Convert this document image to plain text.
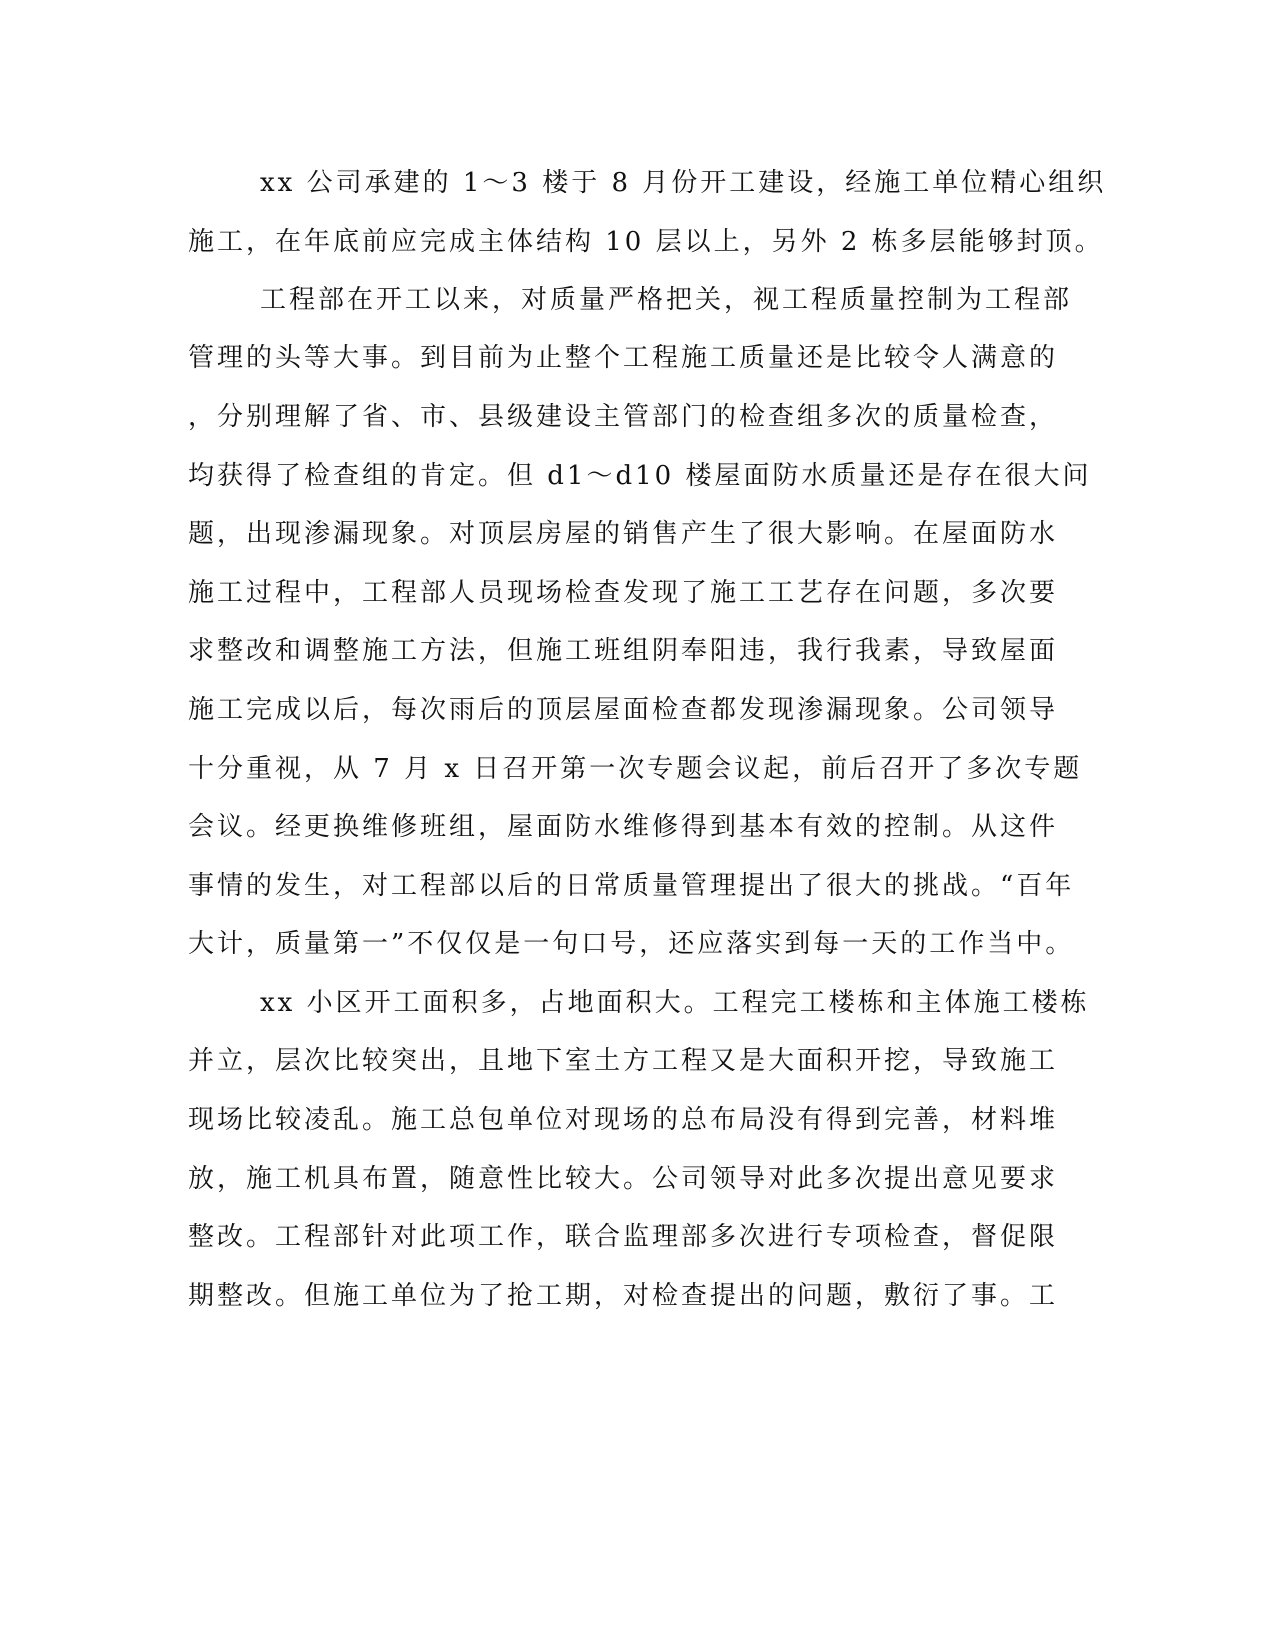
xx 公司承建的 1～3 楼于 8 月份开工建设，经施工单位精心组织
施工，在年底前应完成主体结构 10 层以上，另外 2 栋多层能够封顶。
工程部在开工以来，对质量严格把关，视工程质量控制为工程部
管理的头等大事。到目前为止整个工程施工质量还是比较令人满意的
，分别理解了省、市、县级建设主管部门的检查组多次的质量检查，
均获得了检查组的肯定。但 d1～d10 楼屋面防水质量还是存在很大问
题，出现渗漏现象。对顶层房屋的销售产生了很大影响。在屋面防水
施工过程中，工程部人员现场检查发现了施工工艺存在问题，多次要
求整改和调整施工方法，但施工班组阴奉阳违，我行我素，导致屋面
施工完成以后，每次雨后的顶层屋面检查都发现渗漏现象。公司领导
十分重视，从 7 月 x 日召开第一次专题会议起，前后召开了多次专题
会议。经更换维修班组，屋面防水维修得到基本有效的控制。从这件
事情的发生，对工程部以后的日常质量管理提出了很大的挑战。“百年
大计，质量第一”不仅仅是一句口号，还应落实到每一天的工作当中。
xx 小区开工面积多，占地面积大。工程完工楼栋和主体施工楼栋
并立，层次比较突出，且地下室土方工程又是大面积开挖，导致施工
现场比较凌乱。施工总包单位对现场的总布局没有得到完善，材料堆
放，施工机具布置，随意性比较大。公司领导对此多次提出意见要求
整改。工程部针对此项工作，联合监理部多次进行专项检查，督促限
期整改。但施工单位为了抢工期，对检查提出的问题，敷衍了事。工
